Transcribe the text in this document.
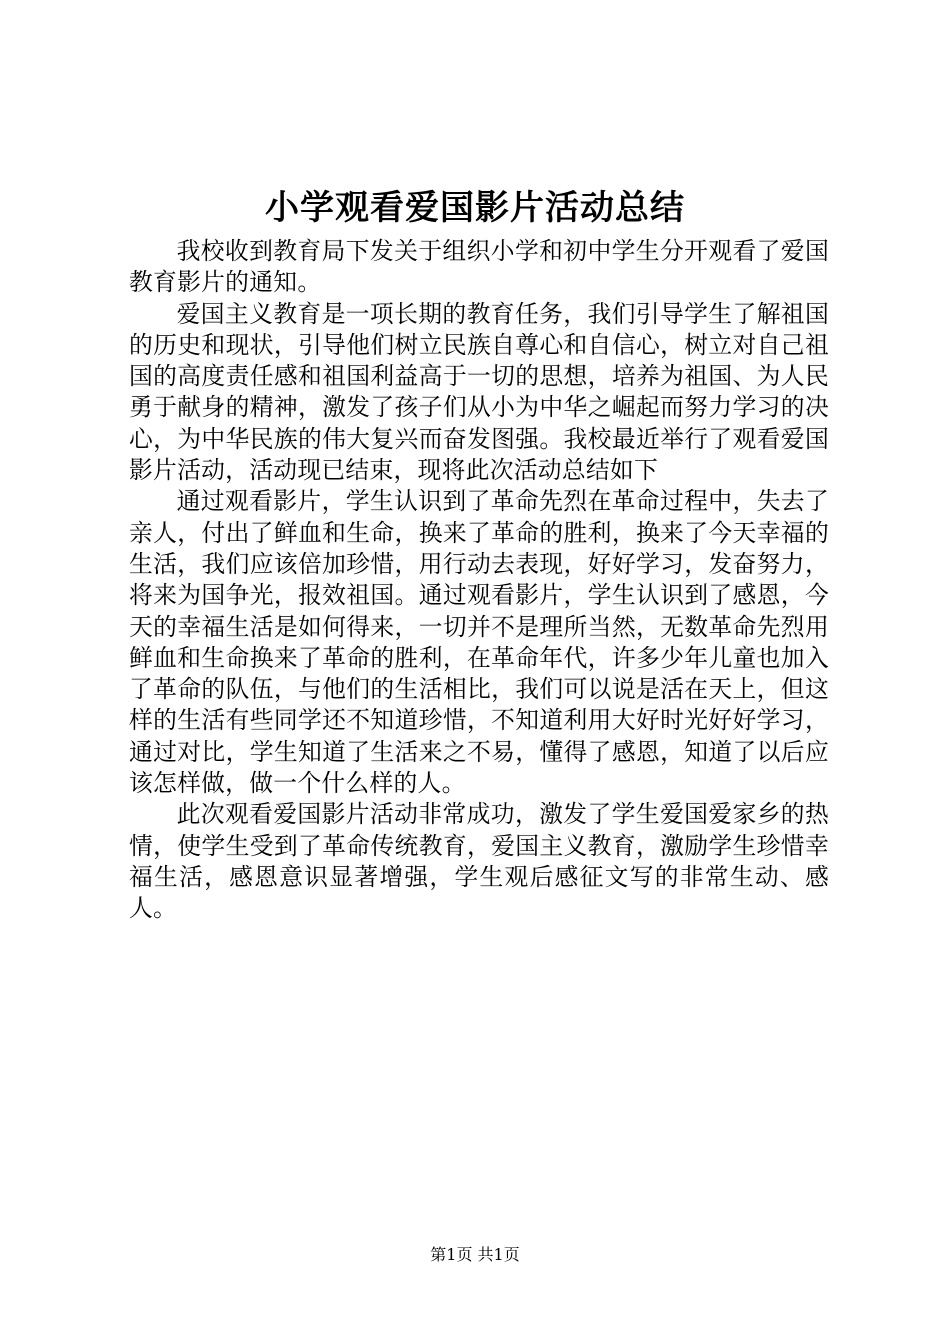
小学观看爱国影片活动总结

我校收到教育局下发关于组织小学和初中学生分开观看了爱国教育影片的通知。

爱国主义教育是一项长期的教育任务，我们引导学生了解祖国的历史和现状，引导他们树立民族自尊心和自信心，树立对自己祖国的高度责任感和祖国利益高于一切的思想，培养为祖国、为人民勇于献身的精神，激发了孩子们从小为中华之崛起而努力学习的决心，为中华民族的伟大复兴而奋发图强。我校最近举行了观看爱国影片活动，活动现已结束，现将此次活动总结如下

通过观看影片，学生认识到了革命先烈在革命过程中，失去了亲人，付出了鲜血和生命，换来了革命的胜利，换来了今天幸福的生活，我们应该倍加珍惜，用行动去表现，好好学习，发奋努力，将来为国争光，报效祖国。通过观看影片，学生认识到了感恩，今天的幸福生活是如何得来，一切并不是理所当然，无数革命先烈用鲜血和生命换来了革命的胜利，在革命年代，许多少年儿童也加入了革命的队伍，与他们的生活相比，我们可以说是活在天上，但这样的生活有些同学还不知道珍惜，不知道利用大好时光好好学习，通过对比，学生知道了生活来之不易，懂得了感恩，知道了以后应该怎样做，做一个什么样的人。

此次观看爱国影片活动非常成功，激发了学生爱国爱家乡的热情，使学生受到了革命传统教育，爱国主义教育，激励学生珍惜幸福生活，感恩意识显著增强，学生观后感征文写的非常生动、感人。

第1页 共1页
